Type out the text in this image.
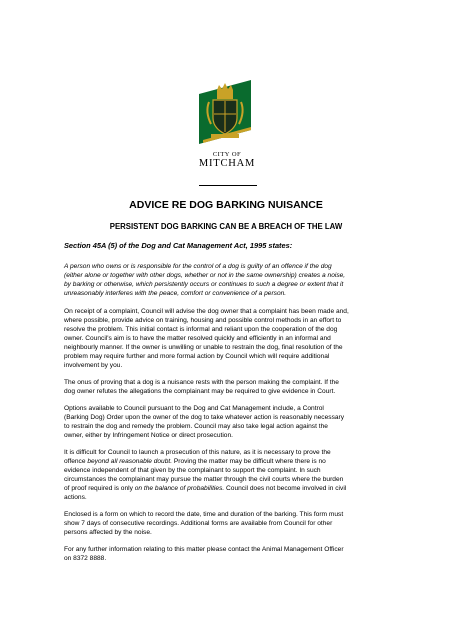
CITY OF
MITCHAM
ADVICE RE DOG BARKING NUISANCE
PERSISTENT DOG BARKING CAN BE A BREACH OF THE LAW
Section 45A (5) of the Dog and Cat Management Act, 1995 states:

A person who owns or is responsible for the control of a dog is guilty of an offence if the dog

(either alone or together with other dogs, whether or not in the same ownership) creates a noise,

by barking or otherwise, which persistently occurs or continues to such a degree or extent that it

unreasonably interferes with the peace, comfort or convenience of a person.

On receipt of a complaint, Council will advise the dog owner that a complaint has been made and,

where possible, provide advice on training, housing and possible control methods in an effort to

resolve the problem. This initial contact is informal and reliant upon the cooperation of the dog

owner. Council's aim is to have the matter resolved quickly and efficiently in an informal and

neighbourly manner. If the owner is unwilling or unable to restrain the dog, final resolution of the

problem may require further and more formal action by Council which will require additional

involvement by you.

The onus of proving that a dog is a nuisance rests with the person making the complaint. If the

dog owner refutes the allegations the complainant may be required to give evidence in Court.

Options available to Council pursuant to the Dog and Cat Management include, a Control

(Barking Dog) Order upon the owner of the dog to take whatever action is reasonably necessary

to restrain the dog and remedy the problem. Council may also take legal action against the

owner, either by Infringement Notice or direct prosecution.

It is difficult for Council to launch a prosecution of this nature, as it is necessary to prove the

offence beyond all reasonable doubt. Proving the matter may be difficult where there is no

evidence independent of that given by the complainant to support the complaint. In such

circumstances the complainant may pursue the matter through the civil courts where the burden

of proof required is only on the balance of probabilities. Council does not become involved in civil

actions.

Enclosed is a form on which to record the date, time and duration of the barking. This form must

show 7 days of consecutive recordings. Additional forms are available from Council for other

persons affected by the noise.

For any further information relating to this matter please contact the Animal Management Officer

on 8372 8888.
